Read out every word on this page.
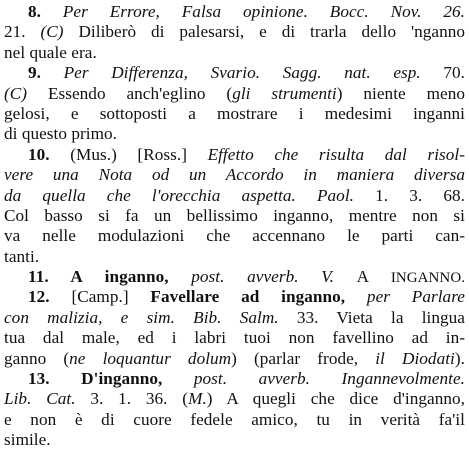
8. Per Errore, Falsa opinione. Bocc. Nov. 26.
21. (C) Diliberò di palesarsi, e di trarla dello 'nganno
nel quale era.
9. Per Differenza, Svario. Sagg. nat. esp. 70.
(C) Essendo anch'eglino (gli strumenti) niente meno
gelosi, e sottoposti a mostrare i medesimi inganni
di questo primo.
10. (Mus.) [Ross.] Effetto che risulta dal risol-
vere una Nota od un Accordo in maniera diversa
da quella che l'orecchia aspetta. Paol. 1. 3. 68.
Col basso si fa un bellissimo inganno, mentre non si
va nelle modulazioni che accennano le parti can-
tanti.
11. A inganno, post. avverb. V. A INGANNO.
12. [Camp.] Favellare ad inganno, per Parlare
con malizia, e sim. Bib. Salm. 33. Vieta la lingua
tua dal male, ed i labri tuoi non favellino ad in-
ganno (ne loquantur dolum) (parlar frode, il Diodati).
13. D'inganno, post. avverb. Ingannevolmente.
Lib. Cat. 3. 1. 36. (M.) A quegli che dice d'inganno,
e non è di cuore fedele amico, tu in verità fa'il
simile.
